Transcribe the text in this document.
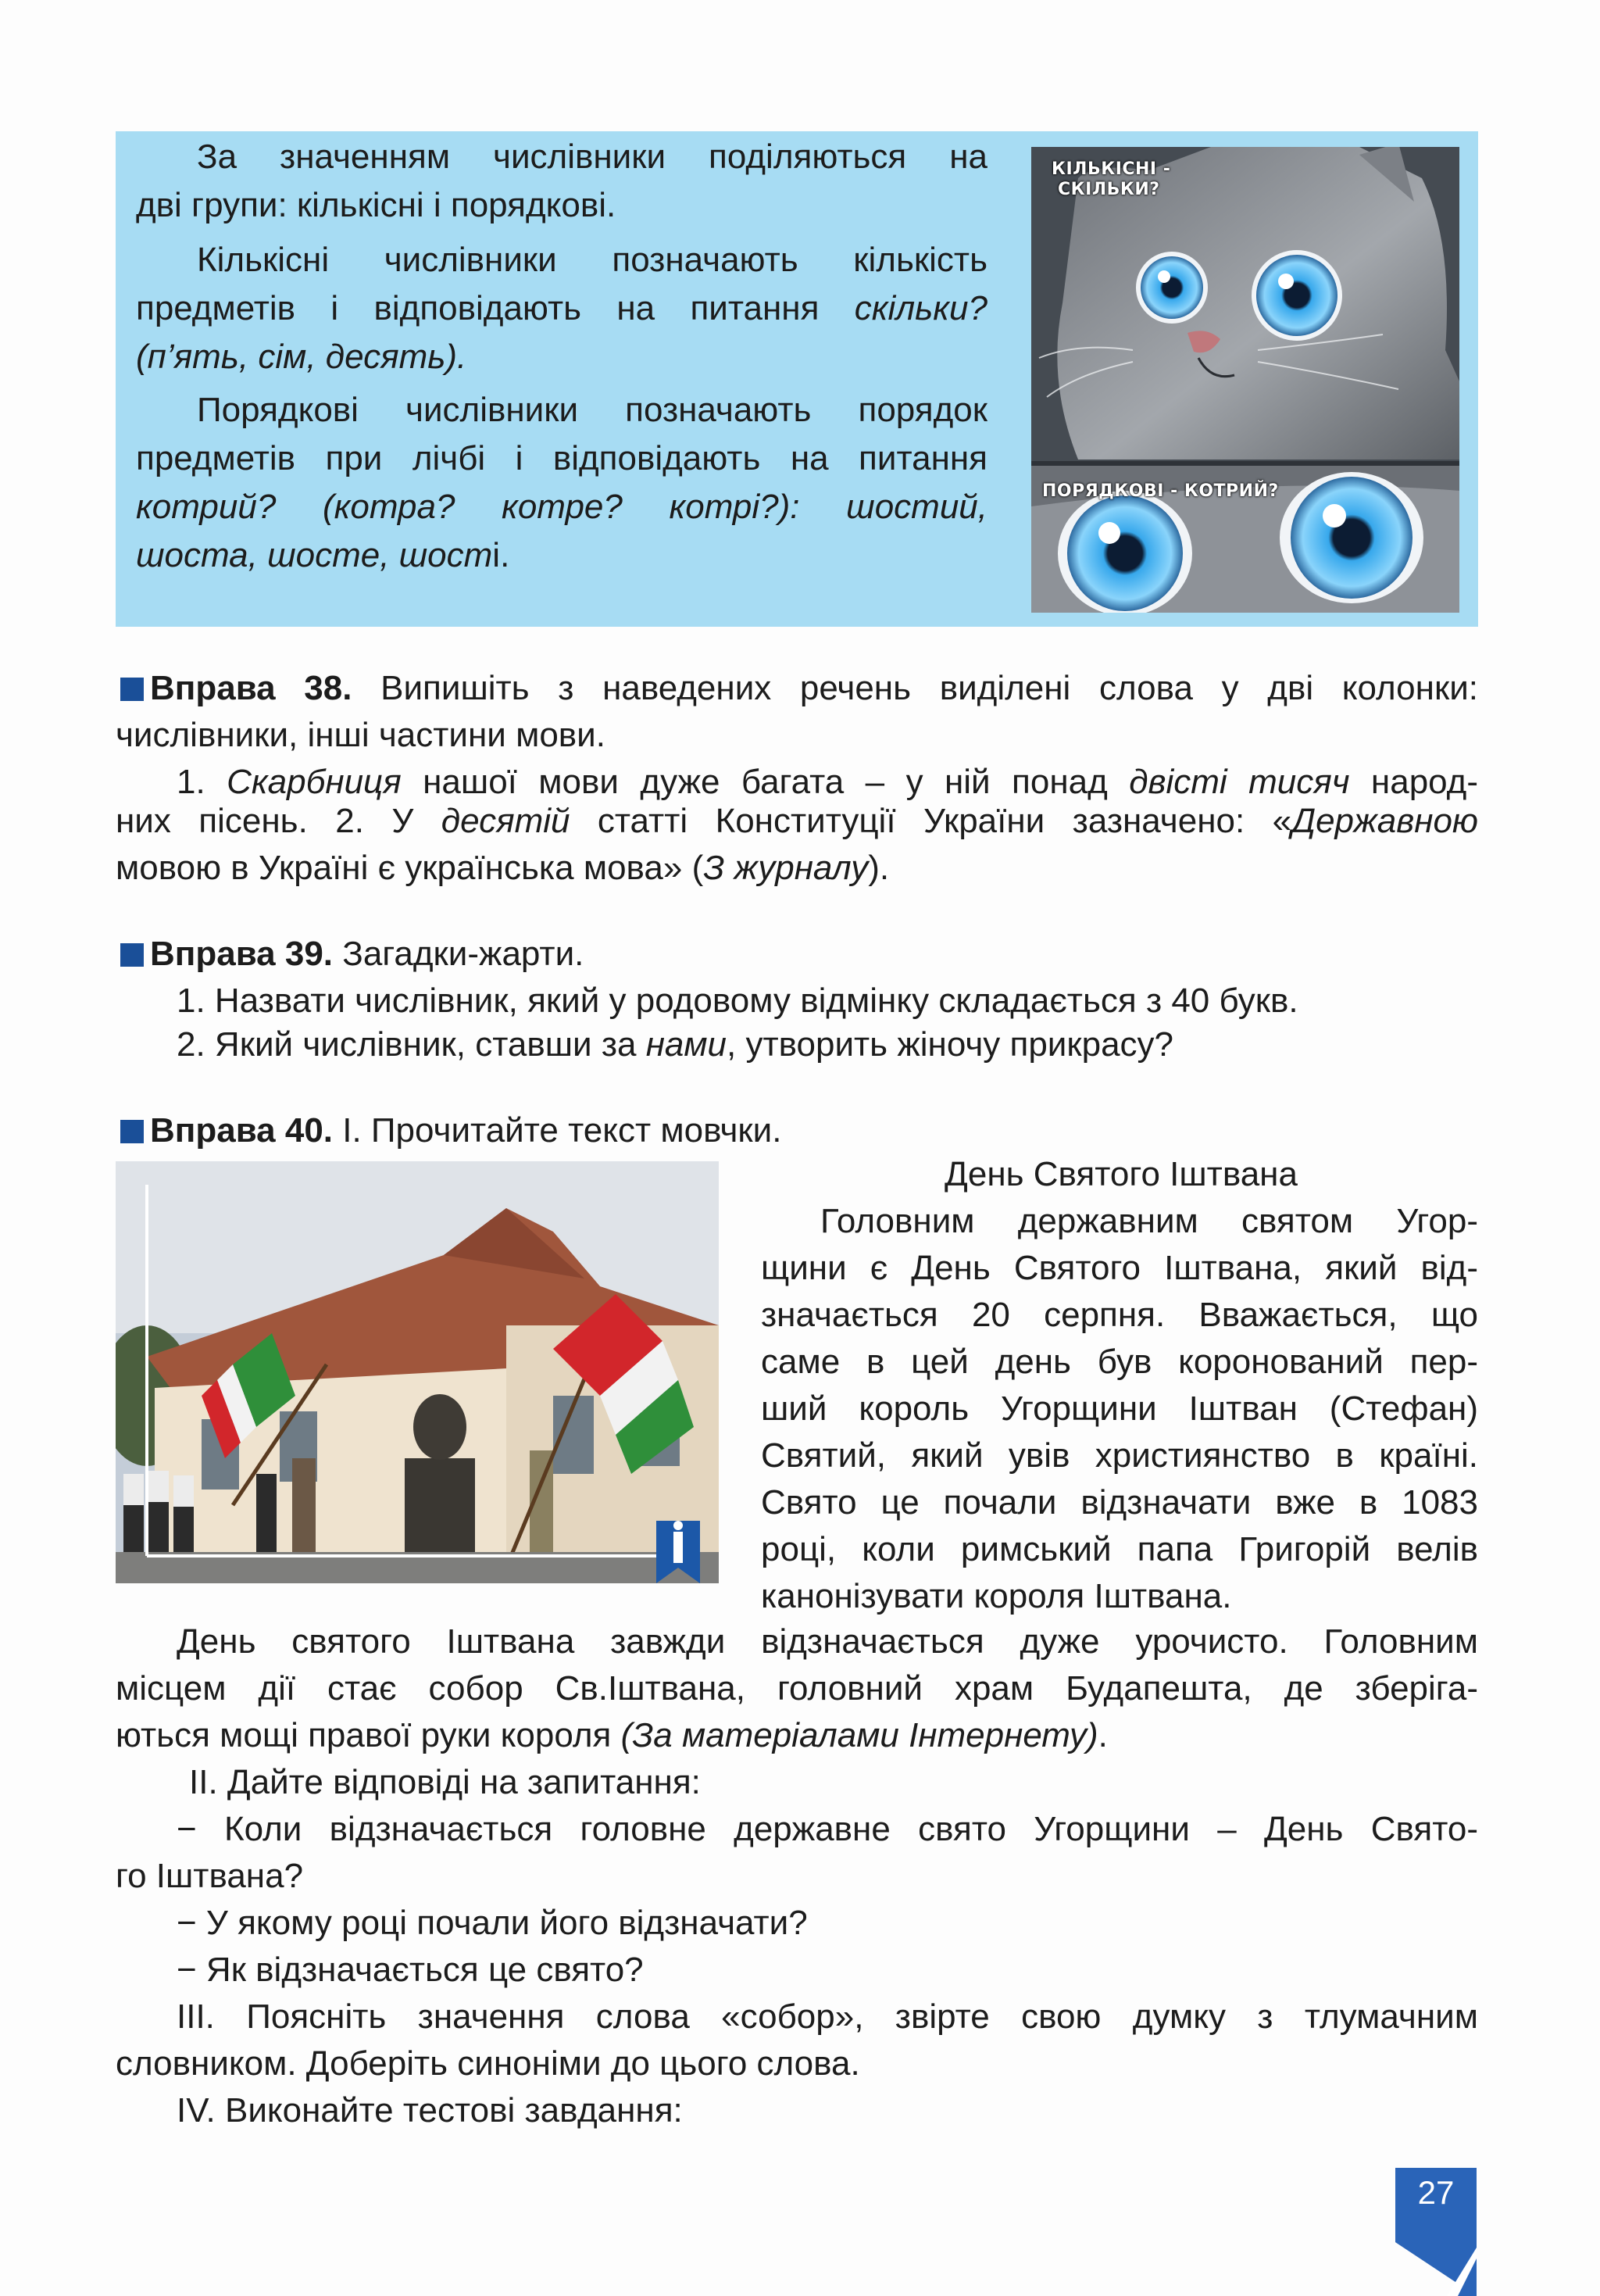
За значенням числівники поділяються на

дві групи: кількісні і порядкові.

Кількісні числівники позначають кількість

предметів і відповідають на питання скільки?

(п’ять, сім, десять).

Порядкові числівники позначають порядок

предметів при лічбі і відповідають на питання

котрий? (котра? котре? котрі?): шостий,

шоста, шосте, шості.

КІЛЬКІСНІ -
СКІЛЬКИ?
ПОРЯДКОВІ - КОТРИЙ?

Вправа 38. Випишіть з наведених речень виділені слова у дві колонки:

числівники, інші частини мови.

1. Скарбниця нашої мови дуже багата – у ній понад двісті тисяч народ-

них пісень. 2. У десятій статті Конституції України зазначено: «Державною

мовою в Україні є українська мова» (З журналу).

Вправа 39. Загадки-жарти.

1. Назвати числівник, який у родовому відмінку складається з 40 букв.

2. Який числівник, ставши за нами, утворить жіночу прикрасу?

Вправа 40. І. Прочитайте текст мовчки.

День Святого Іштвана

Головним державним святом Угор-

щини є День Святого Іштвана, який від-

значається 20 серпня. Вважається, що

саме в цей день був коронований пер-

ший король Угорщини Іштван (Стефан)

Святий, який увів християнство в країні.

Свято це почали відзначати вже в 1083

році, коли римський папа Григорій велів

канонізувати короля Іштвана.

День святого Іштвана завжди відзначається дуже урочисто. Головним

місцем дії стає собор Св.Іштвана, головний храм Будапешта, де зберіга-

ються мощі правої руки короля (За матеріалами Інтернету).

ІІ. Дайте відповіді на запитання:

− Коли відзначається головне державне свято Угорщини – День Свято-

го Іштвана?

− У якому році почали його відзначати?

− Як відзначається це свято?

ІІІ. Поясніть значення слова «собор», звірте свою думку з тлумачним

словником. Доберіть синоніми до цього слова.

IV. Виконайте тестові завдання:

27
